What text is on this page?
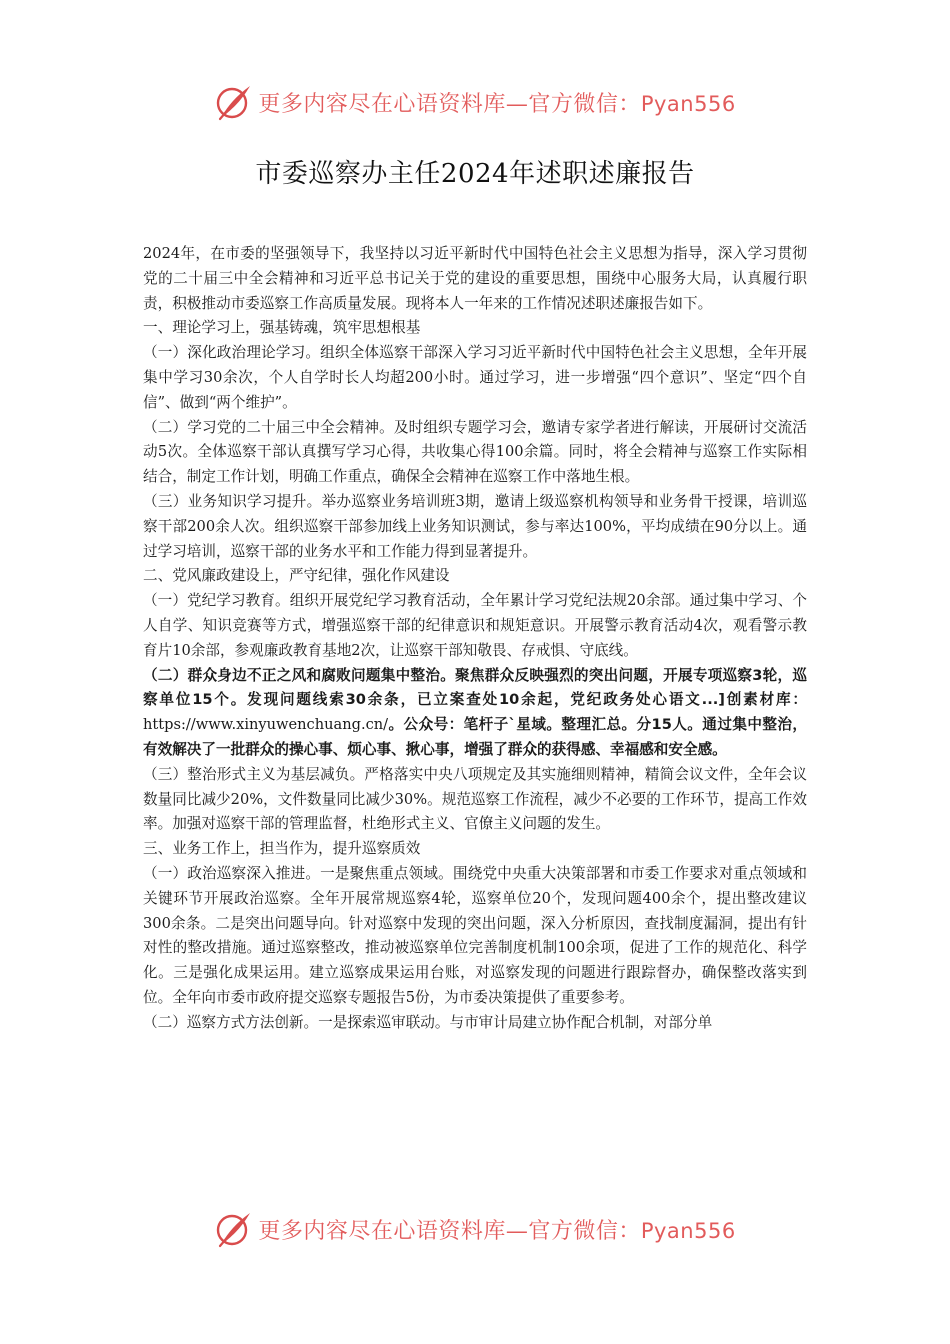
更多内容尽在心语资料库—官方微信：Pyan556
市委巡察办主任2024年述职述廉报告

2024年，在市委的坚强领导下，我坚持以习近平新时代中国特色社会主义思想为指导，深入学习贯彻党的二十届三中全会精神和习近平总书记关于党的建设的重要思想，围绕中心服务大局，认真履行职责，积极推动市委巡察工作高质量发展。现将本人一年来的工作情况述职述廉报告如下。

一、理论学习上，强基铸魂，筑牢思想根基

（一）深化政治理论学习。组织全体巡察干部深入学习习近平新时代中国特色社会主义思想，全年开展集中学习30余次，个人自学时长人均超200小时。通过学习，进一步增强“四个意识”、坚定“四个自信”、做到“两个维护”。

（二）学习党的二十届三中全会精神。及时组织专题学习会，邀请专家学者进行解读，开展研讨交流活动5次。全体巡察干部认真撰写学习心得，共收集心得100余篇。同时，将全会精神与巡察工作实际相结合，制定工作计划，明确工作重点，确保全会精神在巡察工作中落地生根。

（三）业务知识学习提升。举办巡察业务培训班3期，邀请上级巡察机构领导和业务骨干授课，培训巡察干部200余人次。组织巡察干部参加线上业务知识测试，参与率达100%，平均成绩在90分以上。通过学习培训，巡察干部的业务水平和工作能力得到显著提升。

二、党风廉政建设上，严守纪律，强化作风建设

（一）党纪学习教育。组织开展党纪学习教育活动，全年累计学习党纪法规20余部。通过集中学习、个人自学、知识竞赛等方式，增强巡察干部的纪律意识和规矩意识。开展警示教育活动4次，观看警示教育片10余部，参观廉政教育基地2次，让巡察干部知敬畏、存戒惧、守底线。

（二）群众身边不正之风和腐败问题集中整治。聚焦群众反映强烈的突出问题，开展专项巡察3轮，巡察单位15个。发现问题线索30余条，已立案查处10余起，党纪政务处心语文...]创素材库：https://www.xinyuwenchuang.cn/。公众号：笔杆子`星域。整理汇总。分15人。通过集中整治，有效解决了一批群众的操心事、烦心事、揪心事，增强了群众的获得感、幸福感和安全感。

（三）整治形式主义为基层减负。严格落实中央八项规定及其实施细则精神，精简会议文件，全年会议数量同比减少20%，文件数量同比减少30%。规范巡察工作流程，减少不必要的工作环节，提高工作效率。加强对巡察干部的管理监督，杜绝形式主义、官僚主义问题的发生。

三、业务工作上，担当作为，提升巡察质效

（一）政治巡察深入推进。一是聚焦重点领域。围绕党中央重大决策部署和市委工作要求对重点领域和关键环节开展政治巡察。全年开展常规巡察4轮，巡察单位20个，发现问题400余个，提出整改建议300余条。二是突出问题导向。针对巡察中发现的突出问题，深入分析原因，查找制度漏洞，提出有针对性的整改措施。通过巡察整改，推动被巡察单位完善制度机制100余项，促进了工作的规范化、科学化。三是强化成果运用。建立巡察成果运用台账，对巡察发现的问题进行跟踪督办，确保整改落实到位。全年向市委市政府提交巡察专题报告5份，为市委决策提供了重要参考。

（二）巡察方式方法创新。一是探索巡审联动。与市审计局建立协作配合机制，对部分单

更多内容尽在心语资料库—官方微信：Pyan556
